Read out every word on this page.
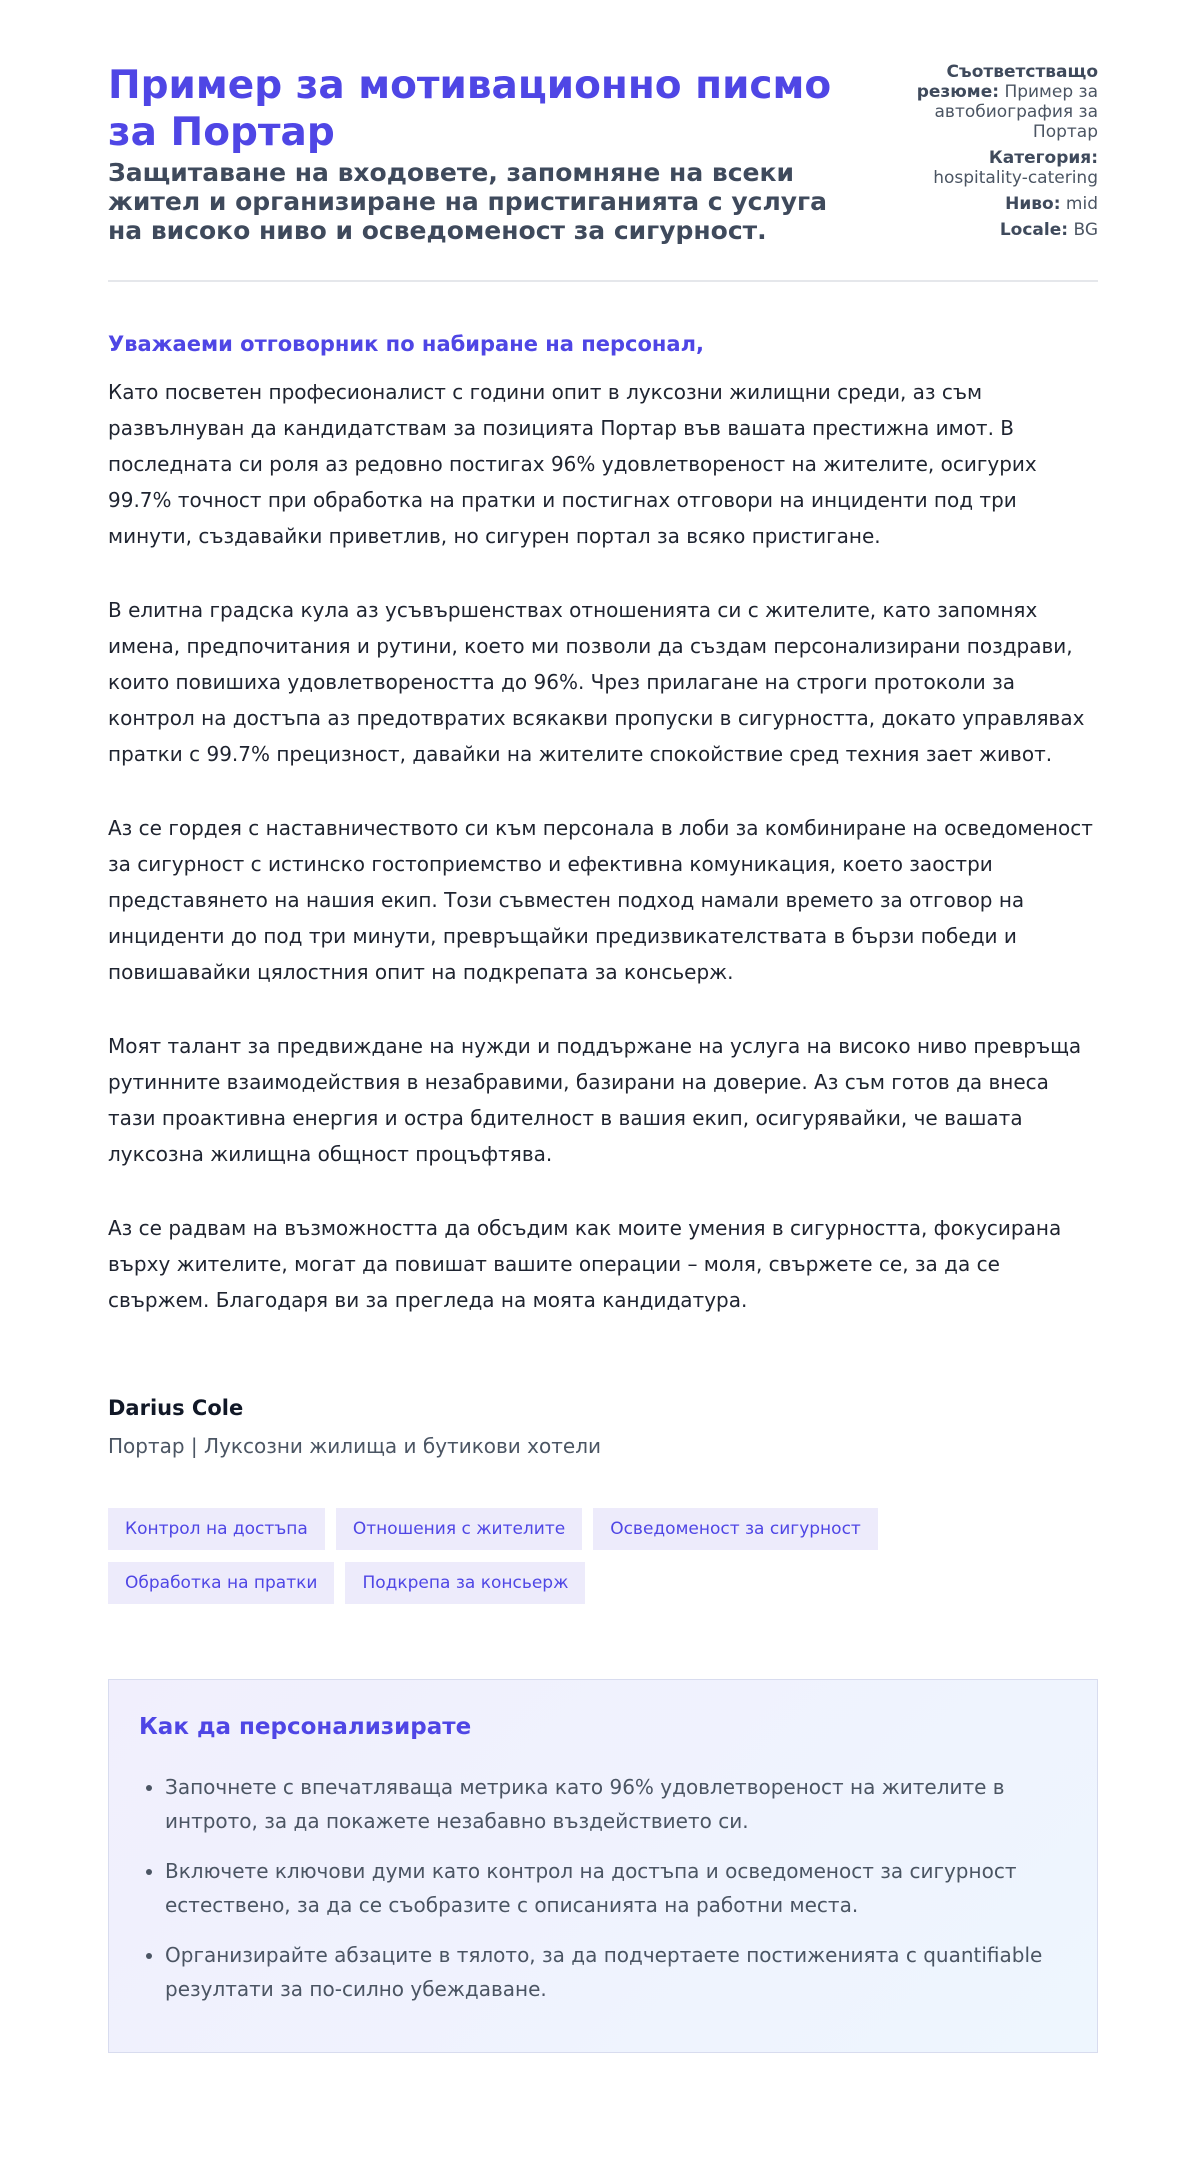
Пример за мотивационно писмо за Портар
Защитаване на входовете, запомняне на всеки жител и организиране на пристиганията с услуга на високо ниво и осведоменост за сигурност.
Съответстващо резюме: Пример за автобиография за Портар
Категория: hospitality-catering
Ниво: mid
Locale: BG
Уважаеми отговорник по набиране на персонал,

Като посветен професионалист с години опит в луксозни жилищни среди, аз съм развълнуван да кандидатствам за позицията Портар във вашата престижна имот. В последната си роля аз редовно постигах 96% удовлетвореност на жителите, осигурих 99.7% точност при обработка на пратки и постигнах отговори на инциденти под три минути, създавайки приветлив, но сигурен портал за всяко пристигане.

В елитна градска кула аз усъвършенствах отношенията си с жителите, като запомнях имена, предпочитания и рутини, което ми позволи да създам персонализирани поздрави, които повишиха удовлетвореността до 96%. Чрез прилагане на строги протоколи за контрол на достъпа аз предотвратих всякакви пропуски в сигурността, докато управлявах пратки с 99.7% прецизност, давайки на жителите спокойствие сред техния зает живот.

Аз се гордея с наставничеството си към персонала в лоби за комбиниране на осведоменост за сигурност с истинско гостоприемство и ефективна комуникация, което заостри представянето на нашия екип. Този съвместен подход намали времето за отговор на инциденти до под три минути, превръщайки предизвикателствата в бързи победи и повишавайки цялостния опит на подкрепата за консьерж.

Моят талант за предвиждане на нужди и поддържане на услуга на високо ниво превръща рутинните взаимодействия в незабравими, базирани на доверие. Аз съм готов да внеса тази проактивна енергия и остра бдителност в вашия екип, осигурявайки, че вашата луксозна жилищна общност процъфтява.

Аз се радвам на възможността да обсъдим как моите умения в сигурността, фокусирана върху жителите, могат да повишат вашите операции – моля, свържете се, за да се свържем. Благодаря ви за прегледа на моята кандидатура.

Darius Cole
Портар | Луксозни жилища и бутикови хотели
Контрол на достъпа	Отношения с жителите	Осведоменост за сигурност
Обработка на пратки	Подкрепа за консьерж
Как да персонализирате
• Започнете с впечатляваща метрика като 96% удовлетвореност на жителите в интрото, за да покажете незабавно въздействието си.
• Включете ключови думи като контрол на достъпа и осведоменост за сигурност естествено, за да се съобразите с описанията на работни места.
• Организирайте абзаците в тялото, за да подчертаете постиженията с quantifiable резултати за по-силно убеждаване.
